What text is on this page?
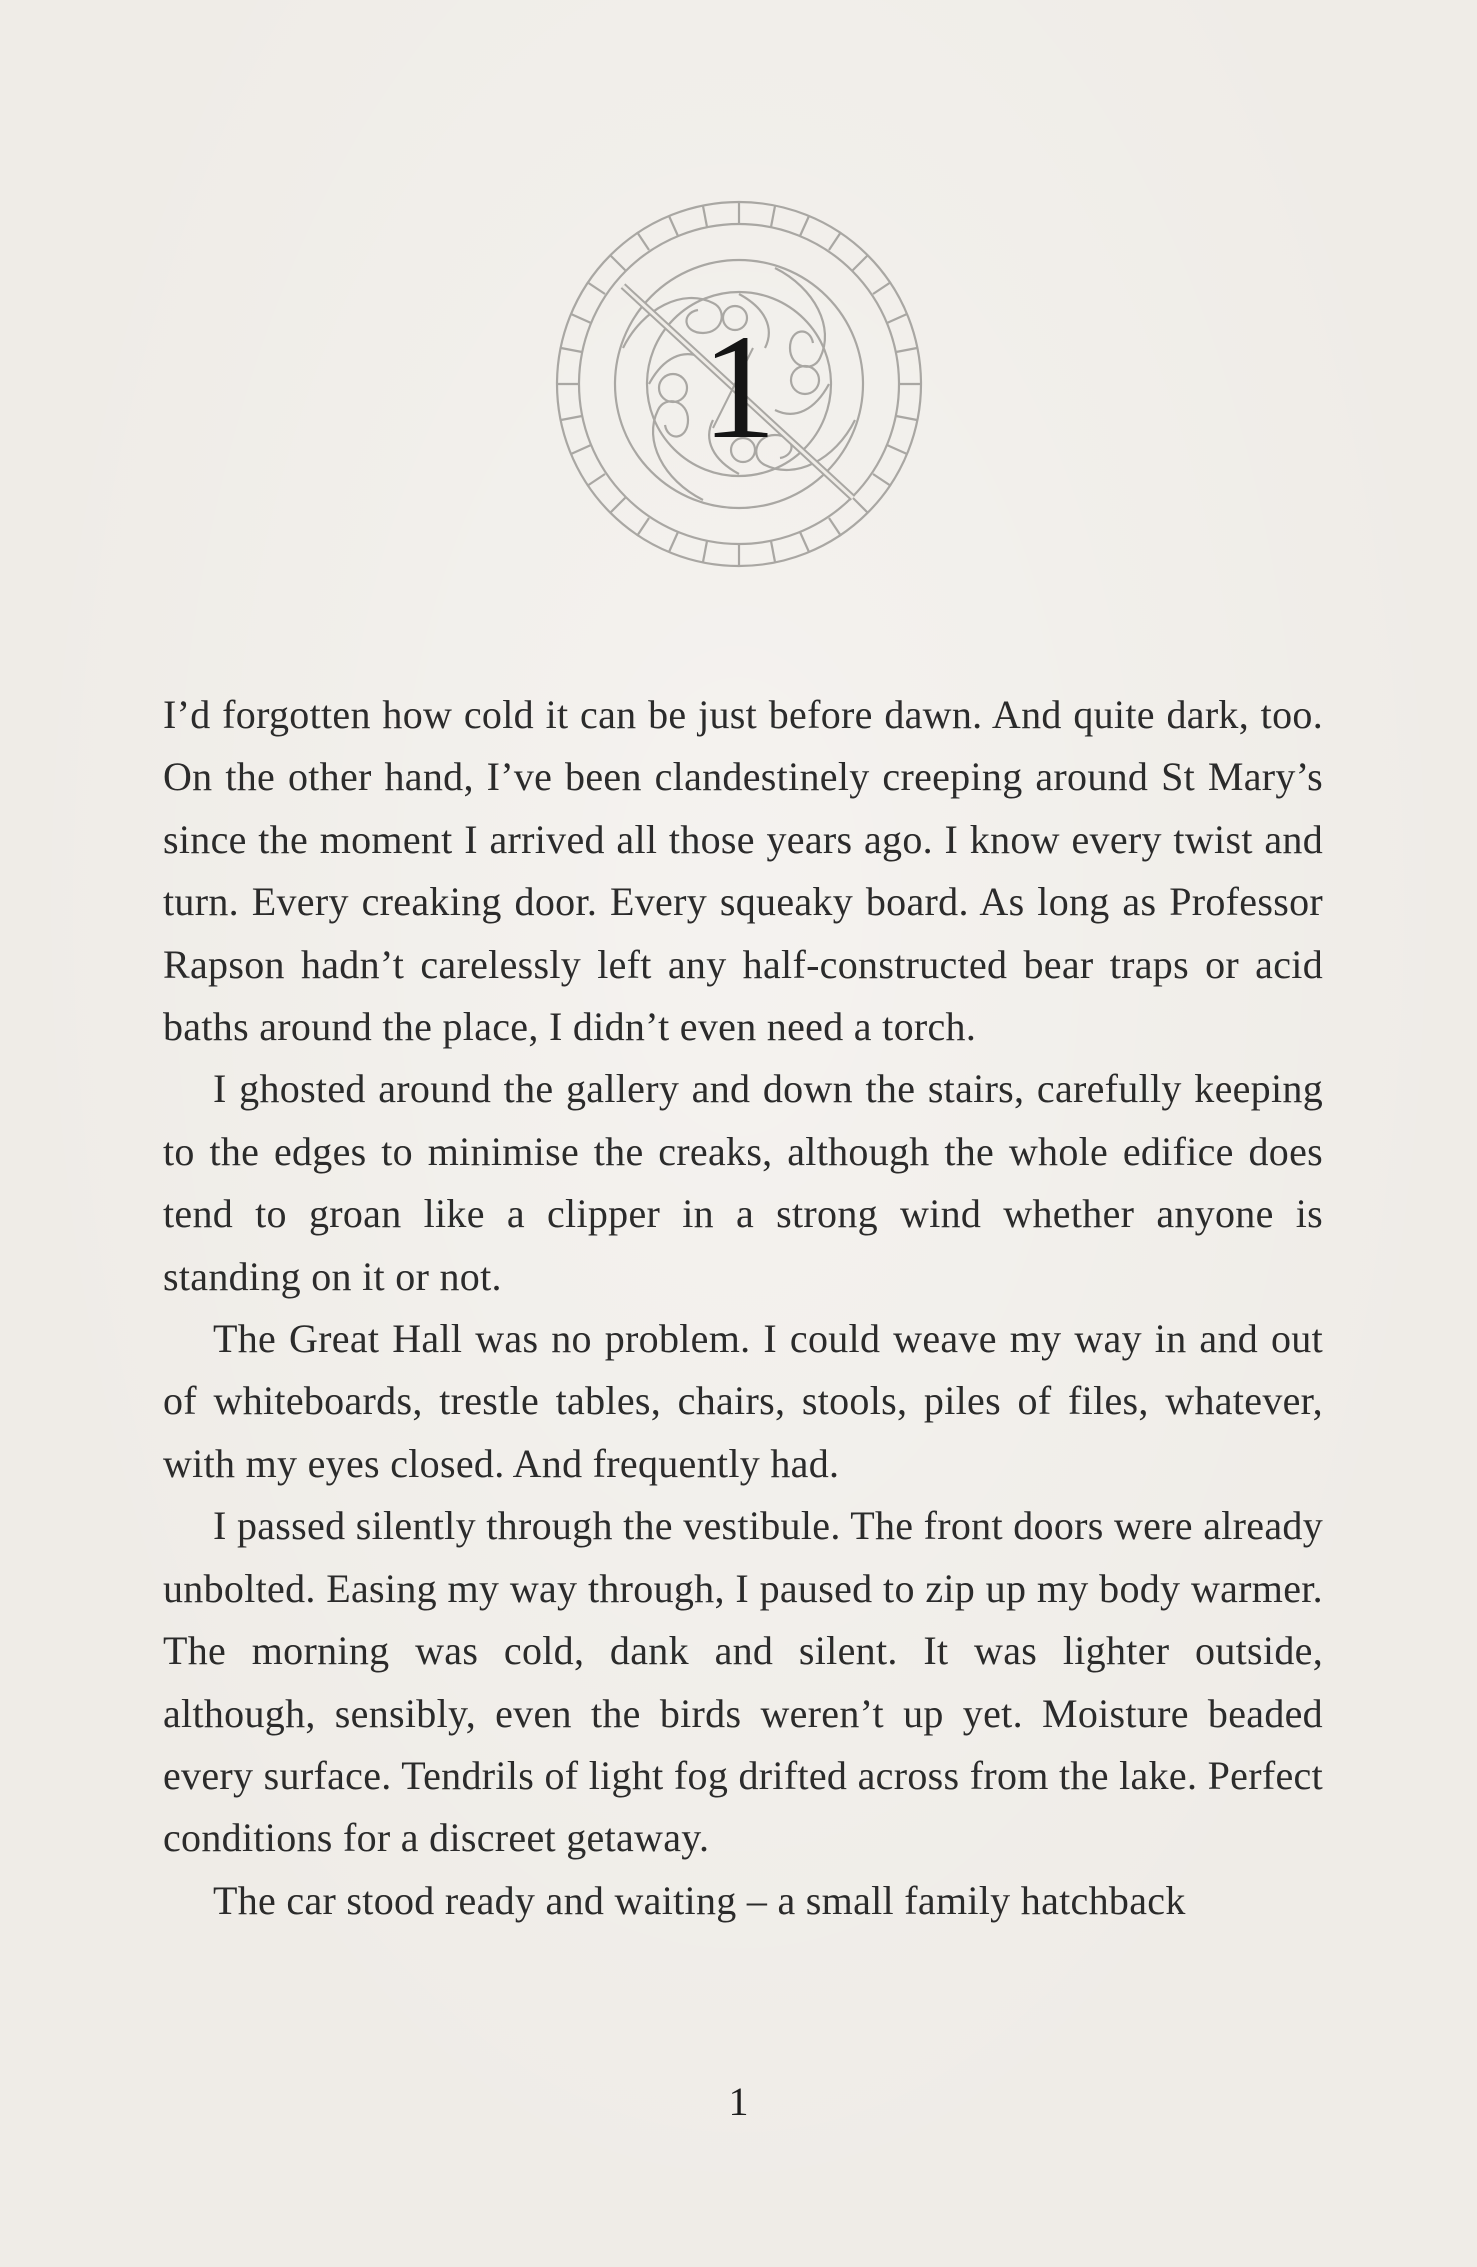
1

I’d forgotten how cold it can be just before dawn. And quite dark, too. On the other hand, I’ve been clandestinely creeping around St Mary’s since the moment I arrived all those years ago. I know every twist and turn. Every creaking door. Every squeaky board. As long as Professor Rapson hadn’t carelessly left any half-constructed bear traps or acid baths around the place, I didn’t even need a torch.

I ghosted around the gallery and down the stairs, carefully keeping to the edges to minimise the creaks, although the whole edifice does tend to groan like a clipper in a strong wind whether anyone is standing on it or not.

The Great Hall was no problem. I could weave my way in and out of whiteboards, trestle tables, chairs, stools, piles of files, whatever, with my eyes closed. And frequently had.

I passed silently through the vestibule. The front doors were already unbolted. Easing my way through, I paused to zip up my body warmer. The morning was cold, dank and silent. It was lighter outside, although, sensibly, even the birds weren’t up yet. Moisture beaded every surface. Tendrils of light fog drifted across from the lake. Perfect conditions for a discreet getaway.

The car stood ready and waiting – a small family hatchback

1
